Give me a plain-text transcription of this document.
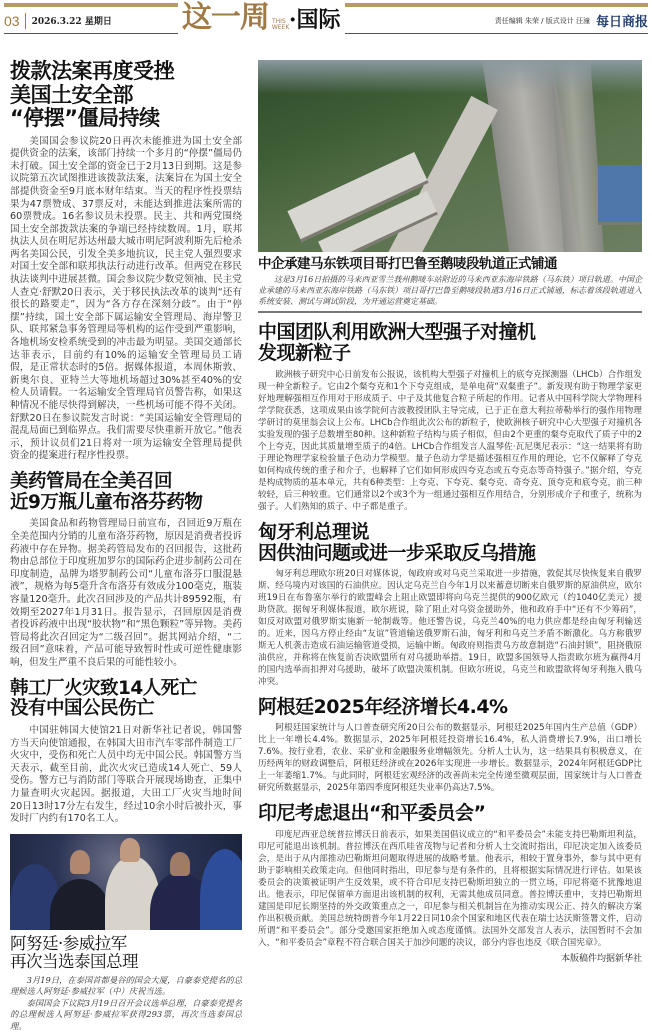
03	2026.3.22 星期日 这一周 THIS WEEK ·国际	责任编辑 朱荣 / 版式设计 汪潼 每日商报
拨款法案再度受挫
美国土安全部
“停摆”僵局持续
美国国会参议院20日再次未能推进为国土安全部提供资金的法案，该部门持续一个多月的“停摆”僵局仍未打破。国土安全部的资金已于2月13日到期。这是参议院第五次试图推进该拨款法案，法案旨在为国土安全部提供资金至9月底本财年结束。当天的程序性投票结果为47票赞成、37票反对，未能达到推进法案所需的60票赞成。16名参议员未投票。民主、共和两党围绕国土安全部拨款法案的争端已经持续数周。1月，联邦执法人员在明尼苏达州最大城市明尼阿波利斯先后枪杀两名美国公民，引发全美多地抗议，民主党人强烈要求对国土安全部和联邦执法行动进行改革。但两党在移民执法谈判中进展甚微。国会参议院少数党领袖、民主党人查克·舒默20日表示，关于移民执法改革的谈判“还有很长的路要走”，因为“各方存在深刻分歧”。由于“停摆”持续，国土安全部下属运输安全管理局、海岸警卫队、联邦紧急事务管理局等机构的运作受到严重影响，各地机场安检系统受到的冲击最为明显。美国交通部长达菲表示，目前约有10%的运输安全管理局员工请假，是正常状态时的5倍。据媒体报道，本周休斯敦、新奥尔良、亚特兰大等地机场超过30%甚至40%的安检人员请假。一名运输安全管理局官员警告称，如果这种情况不能尽快得到解决，一些机场可能不得不关闭。舒默20日在参议院发言时说：“美国运输安全管理局的混乱局面已到临界点。我们需要尽快重新开放它。”他表示，预计议员们21日将对一项为运输安全管理局提供资金的提案进行程序性投票。
美药管局在全美召回
近9万瓶儿童布洛芬药物
美国食品和药物管理局日前宣布，召回近9万瓶在全美范围内分销的儿童布洛芬药物，原因是消费者投诉药液中存在异物。据美药管局发布的召回报告，这批药物由总部位于印度班加罗尔的国际药企进步制药公司在印度制造，品牌为塔罗制药公司“儿童布洛芬口服混悬液”，规格为每5毫升含布洛芬有效成分100毫克，瓶装容量120毫升。此次召回涉及的产品共计89592瓶，有效期至2027年1月31日。报告显示，召回原因是消费者投诉药液中出现“胶状物”和“黑色颗粒”等异物。美药管局将此次召回定为“二级召回”。据其网站介绍，“二级召回”意味着，产品可能导致暂时性或可逆性健康影响，但发生严重不良后果的可能性较小。
韩工厂火灾致14人死亡
没有中国公民伤亡
中国驻韩国大使馆21日对新华社记者说，韩国警方当天向使馆通报，在韩国大田市汽车零部件制造工厂火灾中，受伤和死亡人员中均无中国公民。韩国警方当天表示，截至目前，此次火灾已造成14人死亡、59人受伤。警方已与消防部门等联合开展现场勘查，正集中力量查明火灾起因。据报道，大田工厂火灾当地时间20日13时17分左右发生，经过10余小时后被扑灭，事发时厂内约有170名工人。
阿努廷·参威拉军
再次当选泰国总理
3月19日，在泰国首都曼谷的国会大厦，自豪泰党提名的总理候选人阿努廷·参威拉军（中）庆祝当选。
泰国国会下议院3月19日召开会议选举总理，自豪泰党提名的总理候选人阿努廷·参威拉军获得293票，再次当选泰国总理。
中企承建马东铁项目哥打巴鲁至鹅唛段轨道正式铺通
这是3月16日拍摄的马来西亚雪兰莪州鹅唛车站附近的马来西亚东海岸铁路（马东铁）项目轨道。中国企业承建的马来西亚东海岸铁路（马东铁）项目哥打巴鲁至鹅唛段轨道3月16日正式铺通，标志着该段轨道进入系统安装、测试与调试阶段，为开通运营奠定基础。
中国团队利用欧洲大型强子对撞机
发现新粒子
欧洲核子研究中心日前发布公报说，该机构大型强子对撞机上的底夸克探测器（LHCb）合作组发现一种全新粒子。它由2个粲夸克和1个下夸克组成，是单电荷“双粲重子”。新发现有助于物理学家更好地理解强相互作用对于形成质子、中子及其他复合粒子所起的作用。记者从中国科学院大学物理科学学院获悉，这项成果由该学院何吉波教授团队主导完成，已于正在意大利拉蒂勒举行的强作用物理学研讨的莫里翁会议上公布。LHCb合作组此次公布的新粒子，使欧洲核子研究中心大型强子对撞机各实验发现的强子总数增至80种。这种新粒子结构与质子相似，但由2个更重的粲夸克取代了质子中的2个上夸克，因此其质量增至质子的4倍。LHCb合作组发言人温琴佐·瓦尼奥尼表示：“这一结果将有助于理论物理学家检验量子色动力学模型。量子色动力学是描述强相互作用的理论，它不仅解释了夸克如何构成传统的重子和介子，也解释了它们如何形成四夸克态或五夸克态等奇特强子。”据介绍，夸克是构成物质的基本单元，共有6种类型：上夸克、下夸克、粲夸克、奇夸克、顶夸克和底夸克，前三种较轻，后三种较重。它们通常以2个或3个为一组通过强相互作用结合，分别形成介子和重子，统称为强子。人们熟知的质子、中子都是重子。
匈牙利总理说
因供油问题或进一步采取反乌措施
匈牙利总理欧尔班20日对媒体说，匈政府或对乌克兰采取进一步措施，敦促其尽快恢复来自俄罗斯、经乌境内对该国的石油供应。因认定乌克兰自今年1月以来蓄意切断来自俄罗斯的原油供应，欧尔班19日在布鲁塞尔举行的欧盟峰会上阻止欧盟即将向乌克兰提供的900亿欧元（约1040亿美元）援助贷款。据匈牙利媒体报道，欧尔班说，除了阻止对乌资金援助外，他和政府手中“还有不少筹码”，如反对欧盟对俄罗斯实施新一轮制裁等。他还警告说，乌克兰40%的电力供应都是经由匈牙利输送的。近来，因乌方停止经由“友谊”管道输送俄罗斯石油，匈牙利和乌克兰矛盾不断激化。乌方称俄罗斯无人机袭击造成石油运输管道受损，运输中断。匈政府则指责乌方故意制造“石油封锁”，阻挠俄原油供应，并称将在恢复前否决欧盟所有对乌援助举措。19日，欧盟多国领导人指责欧尔班为赢得4月的国内选举而扣押对乌援助，破坏了欧盟决策机制。但欧尔班说，乌克兰和欧盟欲将匈牙利拖入俄乌冲突。
阿根廷2025年经济增长4.4%
阿根廷国家统计与人口普查研究所20日公布的数据显示，阿根廷2025年国内生产总值（GDP）比上一年增长4.4%。数据显示，2025年阿根廷投资增长16.4%，私人消费增长7.9%，出口增长7.6%。按行业看，农业、采矿业和金融服务业增幅领先。分析人士认为，这一结果具有积极意义，在历经两年的财政调整后，阿根廷经济或在2026年实现进一步增长。数据显示，2024年阿根廷GDP比上一年萎缩1.7%。与此同时，阿根廷宏观经济的改善尚未完全传递至微观层面，国家统计与人口普查研究所数据显示，2025年第四季度阿根廷失业率仍高达7.5%。
印尼考虑退出“和平委员会”
印度尼西亚总统普拉博沃日前表示，如果美国倡议成立的“和平委员会”未能支持巴勒斯坦利益，印尼可能退出该机制。普拉博沃在西爪哇省茂物与记者和分析人士交流时指出，印尼决定加入该委员会，是出于从内部推动巴勒斯坦问题取得进展的战略考量。他表示，相较于置身事外，参与其中更有助于影响相关政策走向。但他同时指出，印尼参与是有条件的，且将根据实际情况进行评估。如果该委员会的决策被证明产生反效果，或不符合印尼支持巴勒斯坦独立的一贯立场，印尼将毫不犹豫地退出。他表示，印尼保留单方面退出该机制的权利，无需其他成员同意。普拉博沃重申，支持巴勒斯坦建国是印尼长期坚持的外交政策重点之一，印尼参与相关机制旨在为推动实现公正、持久的解决方案作出积极贡献。美国总统特朗普今年1月22日同10余个国家和地区代表在瑞士达沃斯签署文件，启动所谓“和平委员会”。部分受邀国家拒绝加入或态度谨慎。法国外交部发言人表示，法国暂时不会加入，“和平委员会”章程不符合联合国关于加沙问题的决议，部分内容也违反《联合国宪章》。
本版稿件均据新华社
